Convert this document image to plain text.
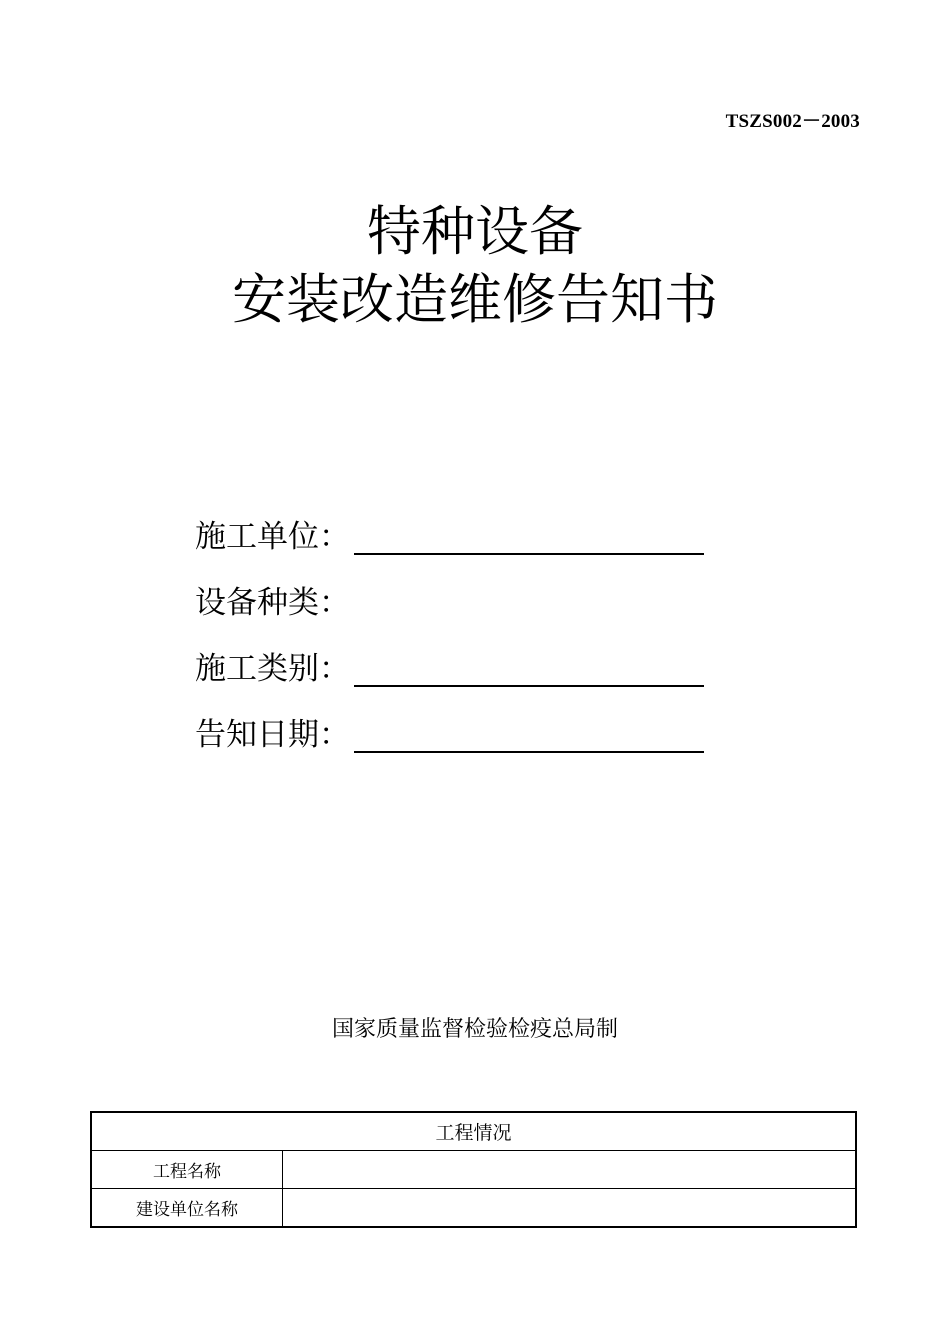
TSZS002－2003
特种设备
安装改造维修告知书
施工单位：
设备种类：
施工类别：
告知日期：
国家质量监督检验检疫总局制
工程情况	
工程名称	
建设单位名称	
